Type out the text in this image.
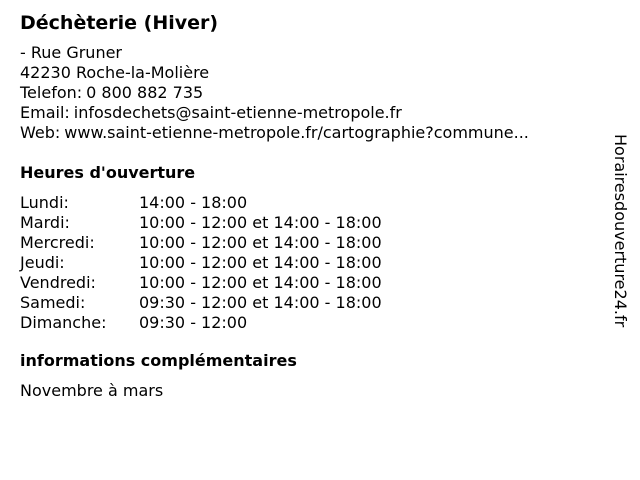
Déchèterie (Hiver)
- Rue Gruner
42230 Roche-la-Molière
Telefon: 0 800 882 735
Email: infosdechets@saint-etienne-metropole.fr
Web: www.saint-etienne-metropole.fr/cartographie?commune...
Heures d'ouverture
Lundi:	14:00 - 18:00
Mardi:	10:00 - 12:00 et 14:00 - 18:00
Mercredi:	10:00 - 12:00 et 14:00 - 18:00
Jeudi:	10:00 - 12:00 et 14:00 - 18:00
Vendredi:	10:00 - 12:00 et 14:00 - 18:00
Samedi:	09:30 - 12:00 et 14:00 - 18:00
Dimanche:	09:30 - 12:00
informations complémentaires
Novembre à mars
Horairesdouverture24.fr
